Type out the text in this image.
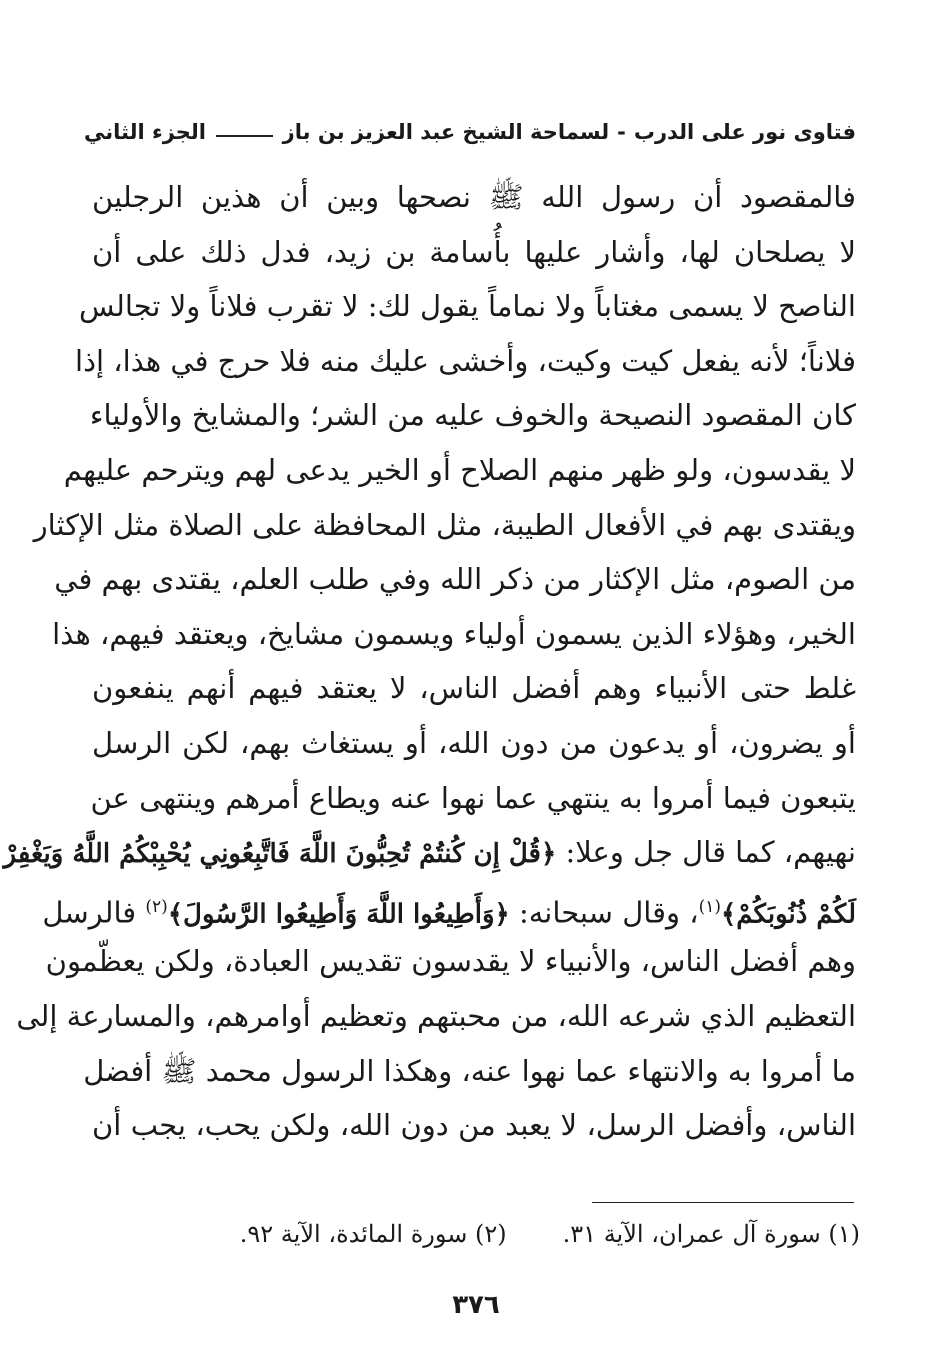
فتاوى نور على الدرب
-
لسماحة الشيخ عبد العزيز بن باز
الجزء الثاني
فالمقصود أن رسول الله ﷺ نصحها وبين أن هذين الرجلين
لا يصلحان لها، وأشار عليها بأُسامة بن زيد، فدل ذلك على أن
الناصح لا يسمى مغتاباً ولا نماماً يقول لك: لا تقرب فلاناً ولا تجالس
فلاناً؛ لأنه يفعل كيت وكيت، وأخشى عليك منه فلا حرج في هذا، إذا
كان المقصود النصيحة والخوف عليه من الشر؛ والمشايخ والأولياء
لا يقدسون، ولو ظهر منهم الصلاح أو الخير يدعى لهم ويترحم عليهم
ويقتدى بهم في الأفعال الطيبة، مثل المحافظة على الصلاة مثل الإكثار
من الصوم، مثل الإكثار من ذكر الله وفي طلب العلم، يقتدى بهم في
الخير، وهؤلاء الذين يسمون أولياء ويسمون مشايخ، ويعتقد فيهم، هذا
غلط حتى الأنبياء وهم أفضل الناس، لا يعتقد فيهم أنهم ينفعون
أو يضرون، أو يدعون من دون الله، أو يستغاث بهم، لكن الرسل
يتبعون فيما أمروا به ينتهي عما نهوا عنه ويطاع أمرهم وينتهى عن
نهيهم، كما قال جل وعلا: ﴿قُلْ إِن كُنتُمْ تُحِبُّونَ اللَّهَ فَاتَّبِعُونِي يُحْبِبْكُمُ اللَّهُ وَيَغْفِرْ
لَكُمْ ذُنُوبَكُمْ﴾$^{(١)}$، وقال سبحانه: ﴿وَأَطِيعُوا اللَّهَ وَأَطِيعُوا الرَّسُولَ﴾$^{(٢)}$ فالرسل
وهم أفضل الناس، والأنبياء لا يقدسون تقديس العبادة، ولكن يعظّمون
التعظيم الذي شرعه الله، من محبتهم وتعظيم أوامرهم، والمسارعة إلى
ما أمروا به والانتهاء عما نهوا عنه، وهكذا الرسول محمد ﷺ أفضل
الناس، وأفضل الرسل، لا يعبد من دون الله، ولكن يحب، يجب أن
(١) سورة آل عمران، الآية ٣١.
(٢) سورة المائدة، الآية ٩٢.
٣٧٦
